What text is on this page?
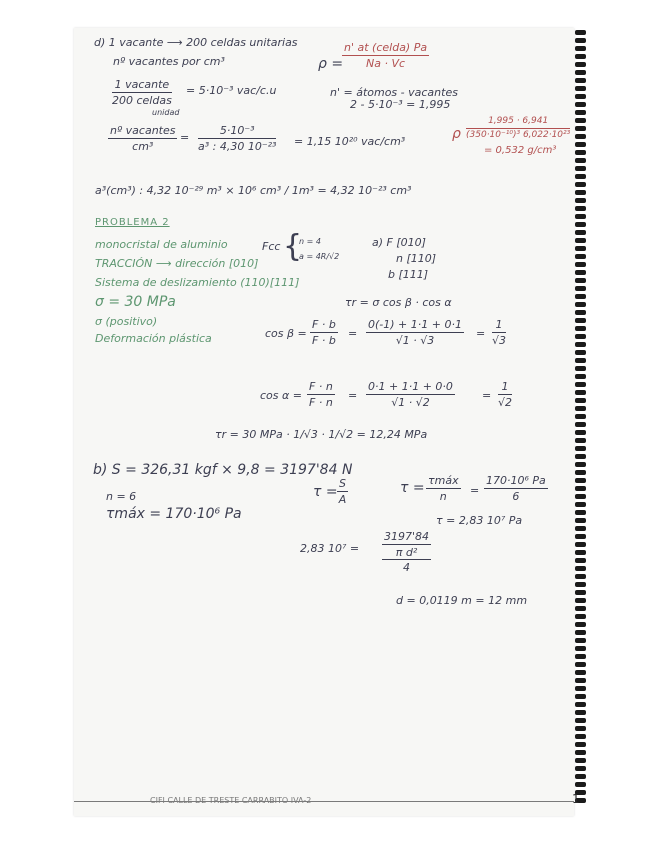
d) 1 vacante ⟶ 200 celdas unitarias
nº vacantes por cm³
1 vacante
200 celdas
unidad
= 5·10⁻³ vac/c.u
nº vacantes
cm³
= $\frac{\text{5·10⁻³}}{\text{a³ : 4,30 10⁻²³}} = 1,15$ 10²⁰ vac/cm³
a³(cm³) : 4,32 10⁻²⁹ m³ × 10⁶ cm³ / 1m³ = 4,32 10⁻²³ cm³
ρ =
n' at (celda) Pa
Na · Vc
n' = átomos - vacantes
2 - 5·10⁻³ = 1,995
ρ $\frac{1,995 \cdot 6,941}{\text{(350·10⁻¹⁰)³ 6,022·10²³}}$
= 0,532 g/cm³
PROBLEMA 2
monocristal de aluminio
TRACCIÓN ⟶ dirección [010]
Sistema de deslizamiento (110)[111]
σ = 30 MPa
σ (positivo)
Deformación plástica
Fcc {
n = 4
a = 4R/√2
a) F [010]
n [110]
b [111]
τr = σ cos β · cos α
$\cos \beta = \frac{F \cdot b}{F \cdot b} = \frac{0(-1) + 1\cdot 1 + 0\cdot 1}{√1 \cdot √3} = \frac{1}{√3}$
$\cos \alpha = \frac{F \cdot n}{F \cdot n} = \frac{0\cdot 1 + 1\cdot 1 + 0\cdot 0}{√1 \cdot √2} = \frac{1}{√2}$
τr = 30 MPa · 1/√3 · 1/√2 = 12,24 MPa
b) S = 326,31 kgf × 9,8 = 3197'84 N
n = 6
τmáx = 170·10⁶ Pa
$\tau = \frac{S}{A}$	τ = τmáx
n	= $\frac{\text{170·10⁶ Pa}}{6}$
τ = 2,83 10⁷ Pa
2,83 10⁷ =
3197'84
π d²
4
d = 0,0119 m = 12 mm
CIFI CALLE DE TRESTE CARRABITO IVA-2	1
